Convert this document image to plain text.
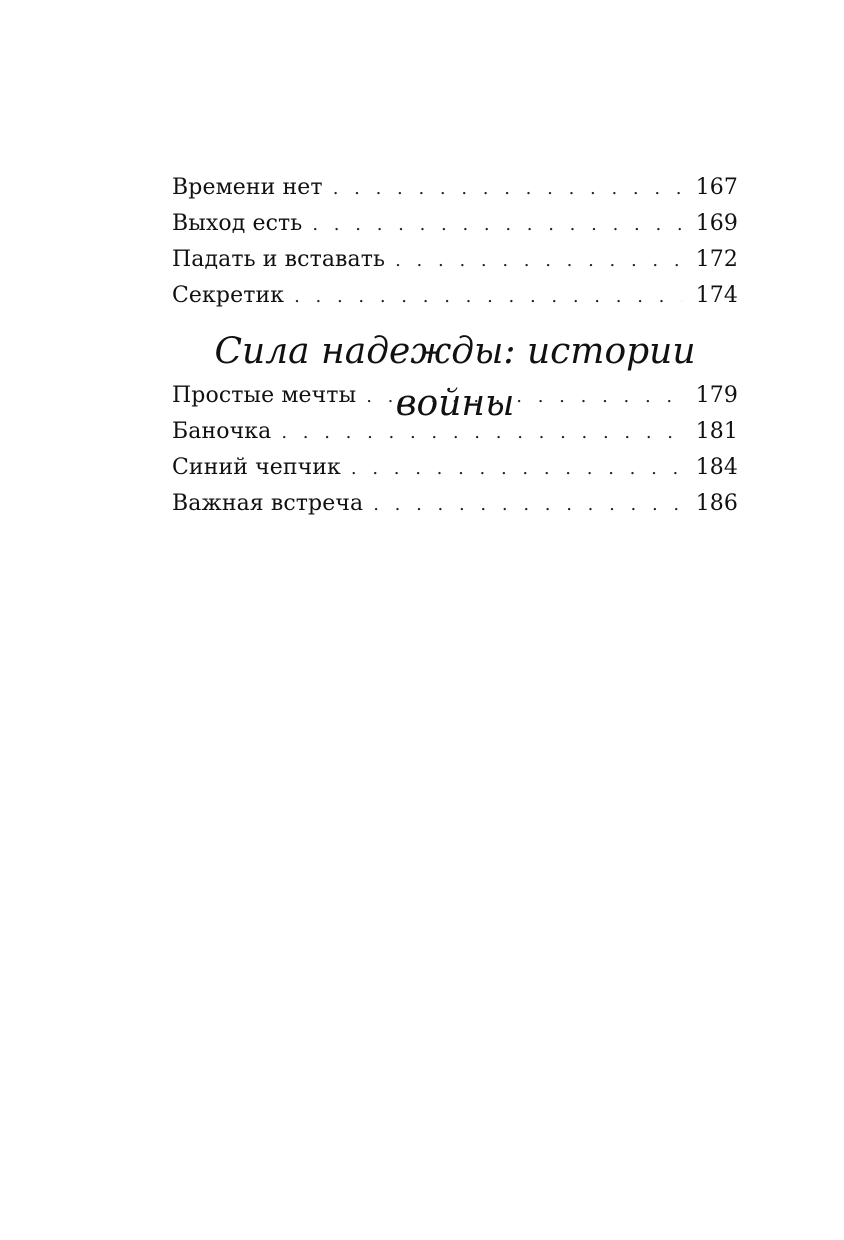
Времени нет . . .	167
Выход есть . . .	169
Падать и вставать . . .	172
Секретик . . .	174
Сила надежды: истории войны
Простые мечты . . .	179
Баночка . . .	181
Синий чепчик . . .	184
Важная встреча . . .	186
